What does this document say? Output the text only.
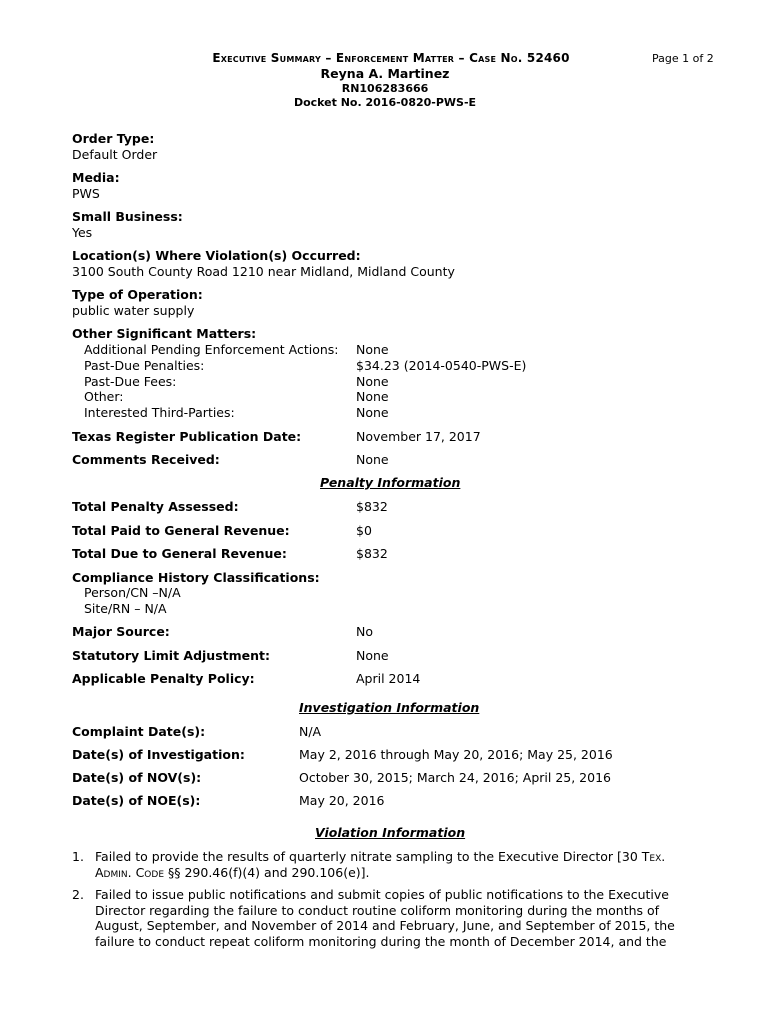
Page 1 of 2
Executive Summary – Enforcement Matter – Case No. 52460
Reyna A. Martinez
RN106283666
Docket No. 2016-0820-PWS-E
Order Type:
Default Order
Media:
PWS
Small Business:
Yes
Location(s) Where Violation(s) Occurred:
3100 South County Road 1210 near Midland, Midland County
Type of Operation:
public water supply
Other Significant Matters:
Additional Pending Enforcement Actions:	None
Past-Due Penalties:	$34.23 (2014-0540-PWS-E)
Past-Due Fees:	None
Other:	None
Interested Third-Parties:	None
Texas Register Publication Date:	November 17, 2017
Comments Received:	None
Penalty Information
Total Penalty Assessed:	$832
Total Paid to General Revenue:	$0
Total Due to General Revenue:	$832
Compliance History Classifications:
Person/CN –N/A
Site/RN – N/A
Major Source:	No
Statutory Limit Adjustment:	None
Applicable Penalty Policy:	April 2014
Investigation Information
Complaint Date(s):	N/A
Date(s) of Investigation:	May 2, 2016 through May 20, 2016; May 25, 2016
Date(s) of NOV(s):	October 30, 2015; March 24, 2016; April 25, 2016
Date(s) of NOE(s):	May 20, 2016
Violation Information
1. Failed to provide the results of quarterly nitrate sampling to the Executive Director [30 Tex.
Admin. Code §§ 290.46(f)(4) and 290.106(e)].
2. Failed to issue public notifications and submit copies of public notifications to the Executive Director regarding the failure to conduct routine coliform monitoring during the months of August, September, and November of 2014 and February, June, and September of 2015, the failure to conduct repeat coliform monitoring during the month of December 2014, and the
